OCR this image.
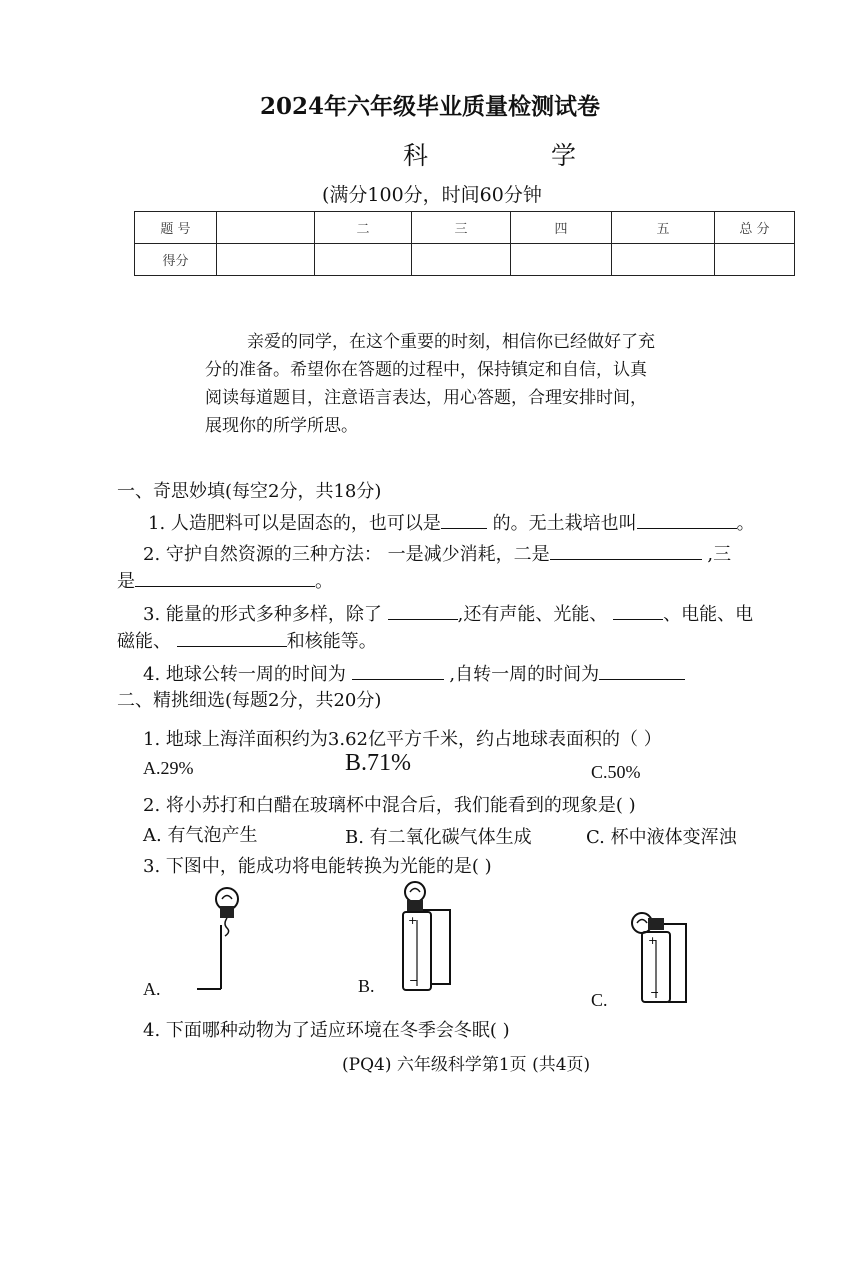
2024年六年级毕业质量检测试卷
科	学
(满分100分，时间60分钟
题 号		二	三	四	五	总 分
得分						

亲爱的同学，在这个重要的时刻，相信你已经做好了充

分的准备。希望你在答题的过程中，保持镇定和自信，认真

阅读每道题目，注意语言表达，用心答题，合理安排时间，

展现你的所学所思。

一、奇思妙填(每空2分，共18分)
1. 人造肥料可以是固态的，也可以是	的。无土栽培也叫	。
2. 守护自然资源的三种方法： 一是减少消耗，二是	,三
是	。
3. 能量的形式多种多样，除了	,还有声能、光能、	、电能、电
磁能、	和核能等。
4. 地球公转一周的时间为	,自转一周的时间为
二、精挑细选(每题2分，共20分)
1. 地球上海洋面积约为3.62亿平方千米，约占地球表面积的（ ）
A.29%	B.71%	C.50%
2. 将小苏打和白醋在玻璃杯中混合后，我们能看到的现象是( )
A. 有气泡产生	B. 有二氧化碳气体生成	C. 杯中液体变浑浊
3. 下图中，能成功将电能转换为光能的是( )
A.
+
−
B.
+
−
C.
4. 下面哪种动物为了适应环境在冬季会冬眠( )
(PQ4) 六年级科学第1页 (共4页)
